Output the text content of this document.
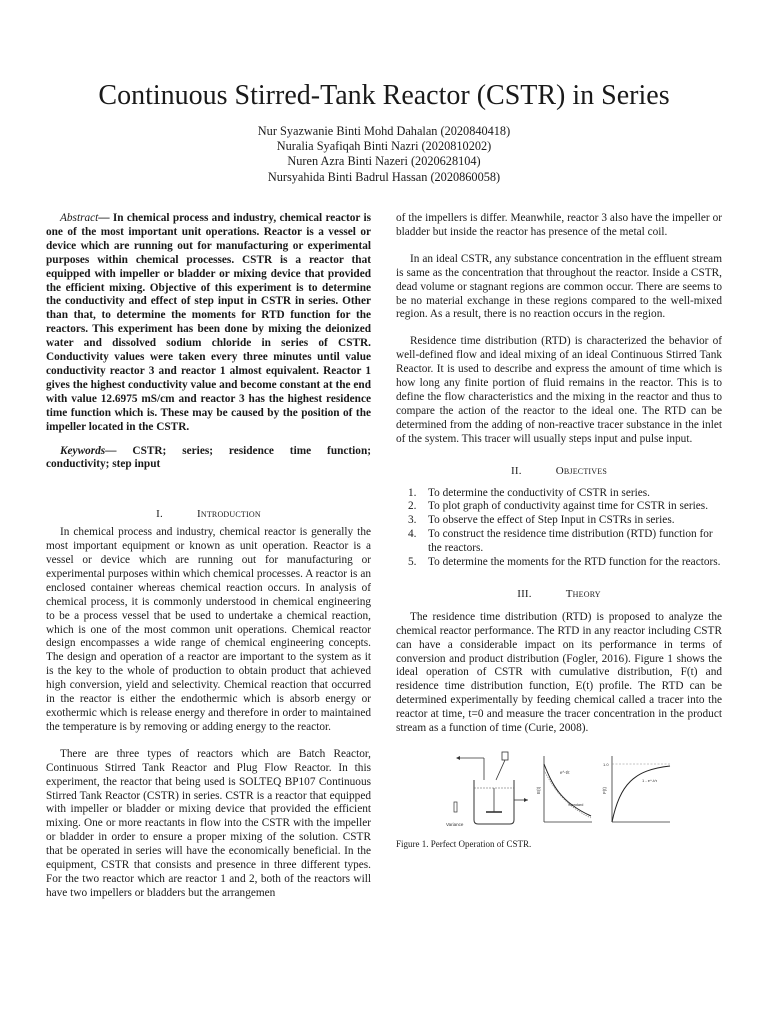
Continuous Stirred-Tank Reactor (CSTR) in Series
Nur Syazwanie Binti Mohd Dahalan (2020840418)
Nuralia Syafiqah Binti Nazri (2020810202)
Nuren Azra Binti Nazeri (2020628104)
Nursyahida Binti Badrul Hassan (2020860058)

Abstract— In chemical process and industry, chemical reactor is one of the most important unit operations. Reactor is a vessel or device which are running out for manufacturing or experimental purposes within chemical processes. CSTR is a reactor that equipped with impeller or bladder or mixing device that provided the efficient mixing. Objective of this experiment is to determine the conductivity and effect of step input in CSTR in series. Other than that, to determine the moments for RTD function for the reactors. This experiment has been done by mixing the deionized water and dissolved sodium chloride in series of CSTR. Conductivity values were taken every three minutes until value conductivity reactor 3 and reactor 1 almost equivalent. Reactor 1 gives the highest conductivity value and become constant at the end with value 12.6975 mS/cm and reactor 3 has the highest residence time function which is. These may be caused by the position of the impeller located in the CSTR.

Keywords— CSTR; series; residence time function; conductivity; step input

I.	Introduction

In chemical process and industry, chemical reactor is generally the most important equipment or known as unit operation. Reactor is a vessel or device which are running out for manufacturing or experimental purposes within which chemical processes. A reactor is an enclosed container whereas chemical reaction occurs. In analysis of chemical process, it is commonly understood in chemical engineering to be a process vessel that be used to undertake a chemical reaction, which is one of the most common unit operations. Chemical reactor design encompasses a wide range of chemical engineering concepts. The design and operation of a reactor are important to the system as it is the key to the whole of production to obtain product that achieved high conversion, yield and selectivity. Chemical reaction that occurred in the reactor is either the endothermic which is absorb energy or exothermic which is release energy and therefore in order to maintained the temperature is by removing or adding energy to the reactor.

There are three types of reactors which are Batch Reactor, Continuous Stirred Tank Reactor and Plug Flow Reactor. In this experiment, the reactor that being used is SOLTEQ BP107 Continuous Stirred Tank Reactor (CSTR) in series. CSTR is a reactor that equipped with impeller or bladder or mixing device that provided the efficient mixing. One or more reactants in flow into the CSTR with the impeller or bladder in order to ensure a proper mixing of the solution. CSTR that be operated in series will have the economically beneficial. In the equipment, CSTR that consists and presence in three different types. For the two reactor which are reactor 1 and 2, both of the reactors will have two impellers or bladders but the arrangemen

of the impellers is differ. Meanwhile, reactor 3 also have the impeller or bladder but inside the reactor has presence of the metal coil.

In an ideal CSTR, any substance concentration in the effluent stream is same as the concentration that throughout the reactor. Inside a CSTR, dead volume or stagnant regions are common occur. There are seems to be no material exchange in these regions compared to the well-mixed region. As a result, there is no reaction occurs in the region.

Residence time distribution (RTD) is characterized the behavior of well-defined flow and ideal mixing of an ideal Continuous Stirred Tank Reactor. It is used to describe and express the amount of time which is how long any finite portion of fluid remains in the reactor. This is to define the flow characteristics and the mixing in the reactor and thus to compare the action of the reactor to the ideal one. The RTD can be determined from the adding of non-reactive tracer substance in the inlet of the system. This tracer will usually steps input and pulse input.

II.	Objectives
1.	To determine the conductivity of CSTR in series.
2.	To plot graph of conductivity against time for CSTR in series.
3.	To observe the effect of Step Input in CSTRs in series.
4.	To construct the residence time distribution (RTD) function for the reactors.
5.	To determine the moments for the RTD function for the reactors.
III.	Theory

The residence time distribution (RTD) is proposed to analyze the chemical reactor performance. The RTD in any reactor including CSTR can have a considerable impact on its performance in terms of conversion and product distribution (Fogler, 2016). Figure 1 shows the ideal operation of CSTR with cumulative distribution, F(t) and residence time distribution function, E(t) profile. The RTD can be determined experimentally by feeding chemical called a tracer into the reactor at time, t=0 and measure the tracer concentration in the product stream as a function of time (Curie, 2008).

Variance
E(t)
e^-t/τ
Standard
F(t)
1.0
1 - e^-t/τ

Figure 1. Perfect Operation of CSTR.
